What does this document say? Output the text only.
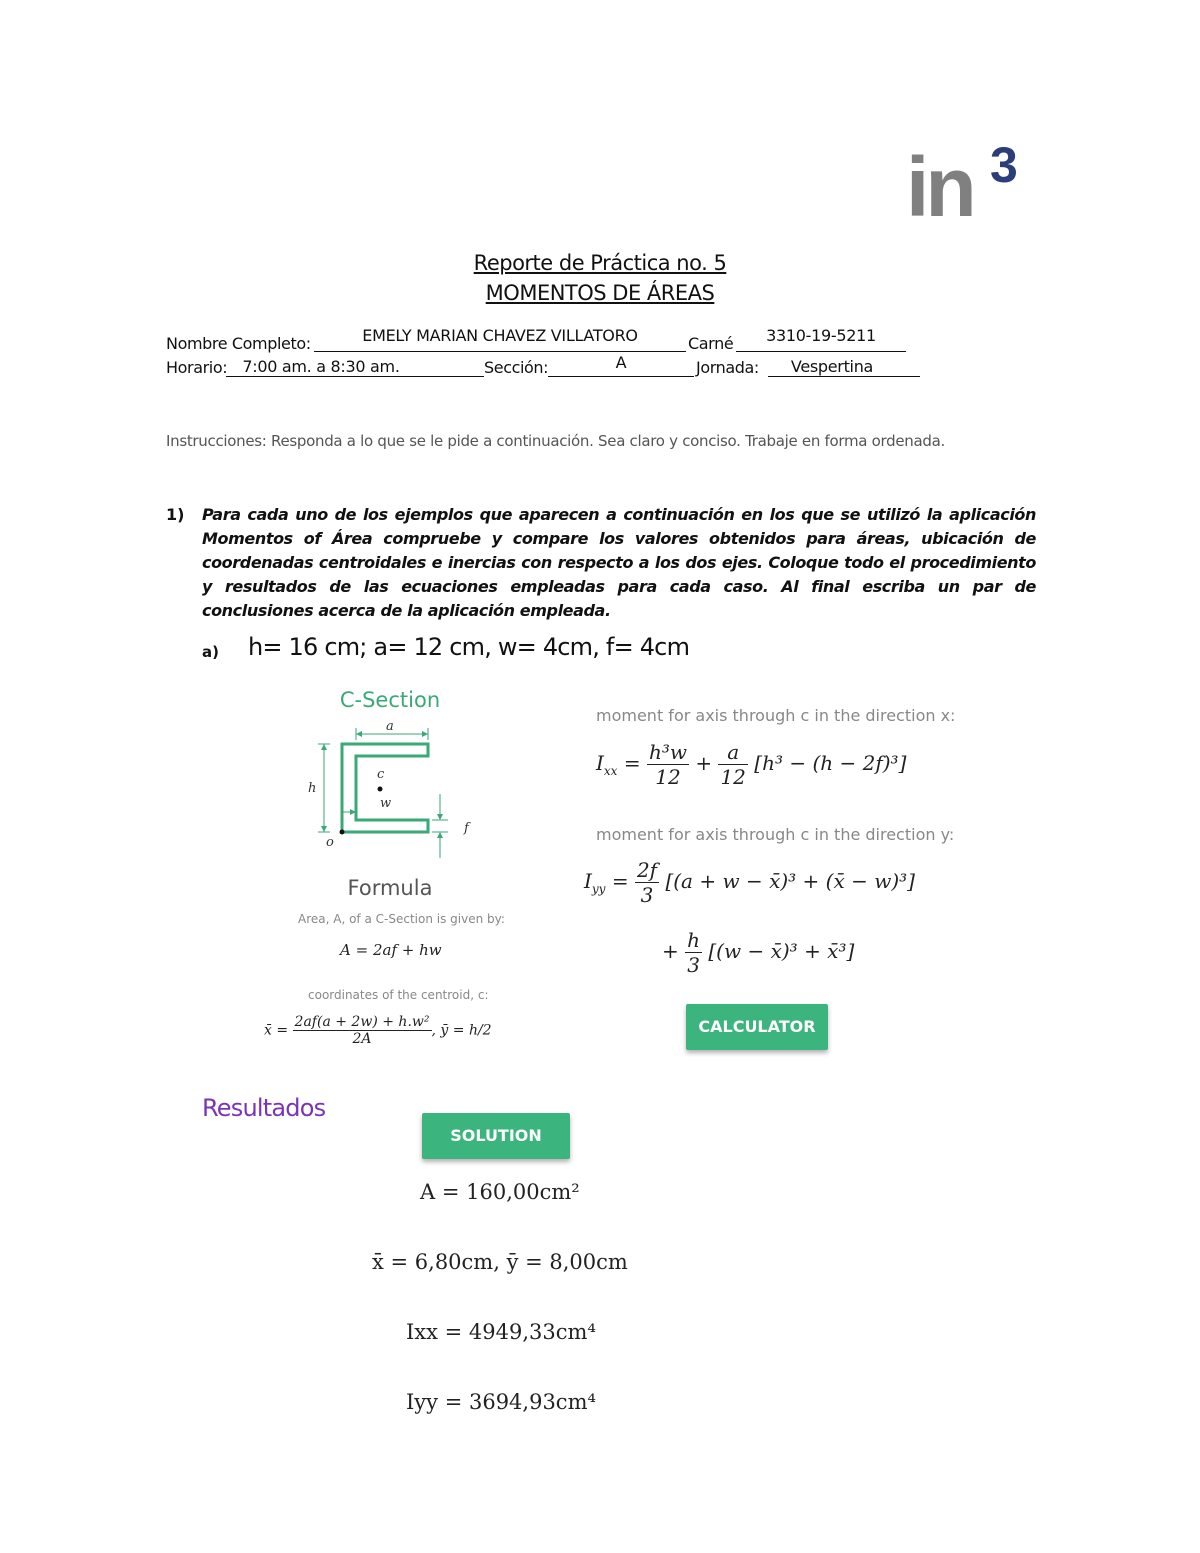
in 3
Reporte de Práctica no. 5
MOMENTOS DE ÁREAS
Nombre Completo:	EMELY MARIAN CHAVEZ VILLATORO	Carné	3310-19-5211
Horario: 7:00 am. a 8:30 am.	Sección:	A	Jornada:	Vespertina
Instrucciones: Responda a lo que se le pide a continuación. Sea claro y conciso. Trabaje en forma ordenada.
1) Para cada uno de los ejemplos que aparecen a continuación en los que se utilizó la aplicación Momentos of Área compruebe y compare los valores obtenidos para áreas, ubicación de coordenadas centroidales e inercias con respecto a los dos ejes. Coloque todo el procedimiento y resultados de las ecuaciones empleadas para cada caso. Al final escriba un par de conclusiones acerca de la aplicación empleada.
a) h= 16 cm; a= 12 cm, w= 4cm, f= 4cm
C-Section
a
c
w
h
f
o
Formula
Area, A, of a C-Section is given by:
A = 2af + hw
coordinates of the centroid, c:
x̄ = $\frac{\text{2af(a + 2w) + h.w²}}{2A}$ , ȳ = h/2
moment for axis through c in the direction x:
$I_{xx} = \frac{\text{h³w}}{12} + \frac{a}{12} [h^3 - (h - 2f)^3]$
moment for axis through c in the direction y:
$I_{yy} = \frac{2f}{3} [(a + w$ − x̄)³ + (x̄ − w)³]
+ $\frac{h}{3} [(w$ − x̄)³ + x̄³]
CALCULATOR
Resultados
SOLUTION
A = 160,00cm²
x̄ = 6,80cm, ȳ = 8,00cm
Ixx = 4949,33cm⁴
Iyy = 3694,93cm⁴
